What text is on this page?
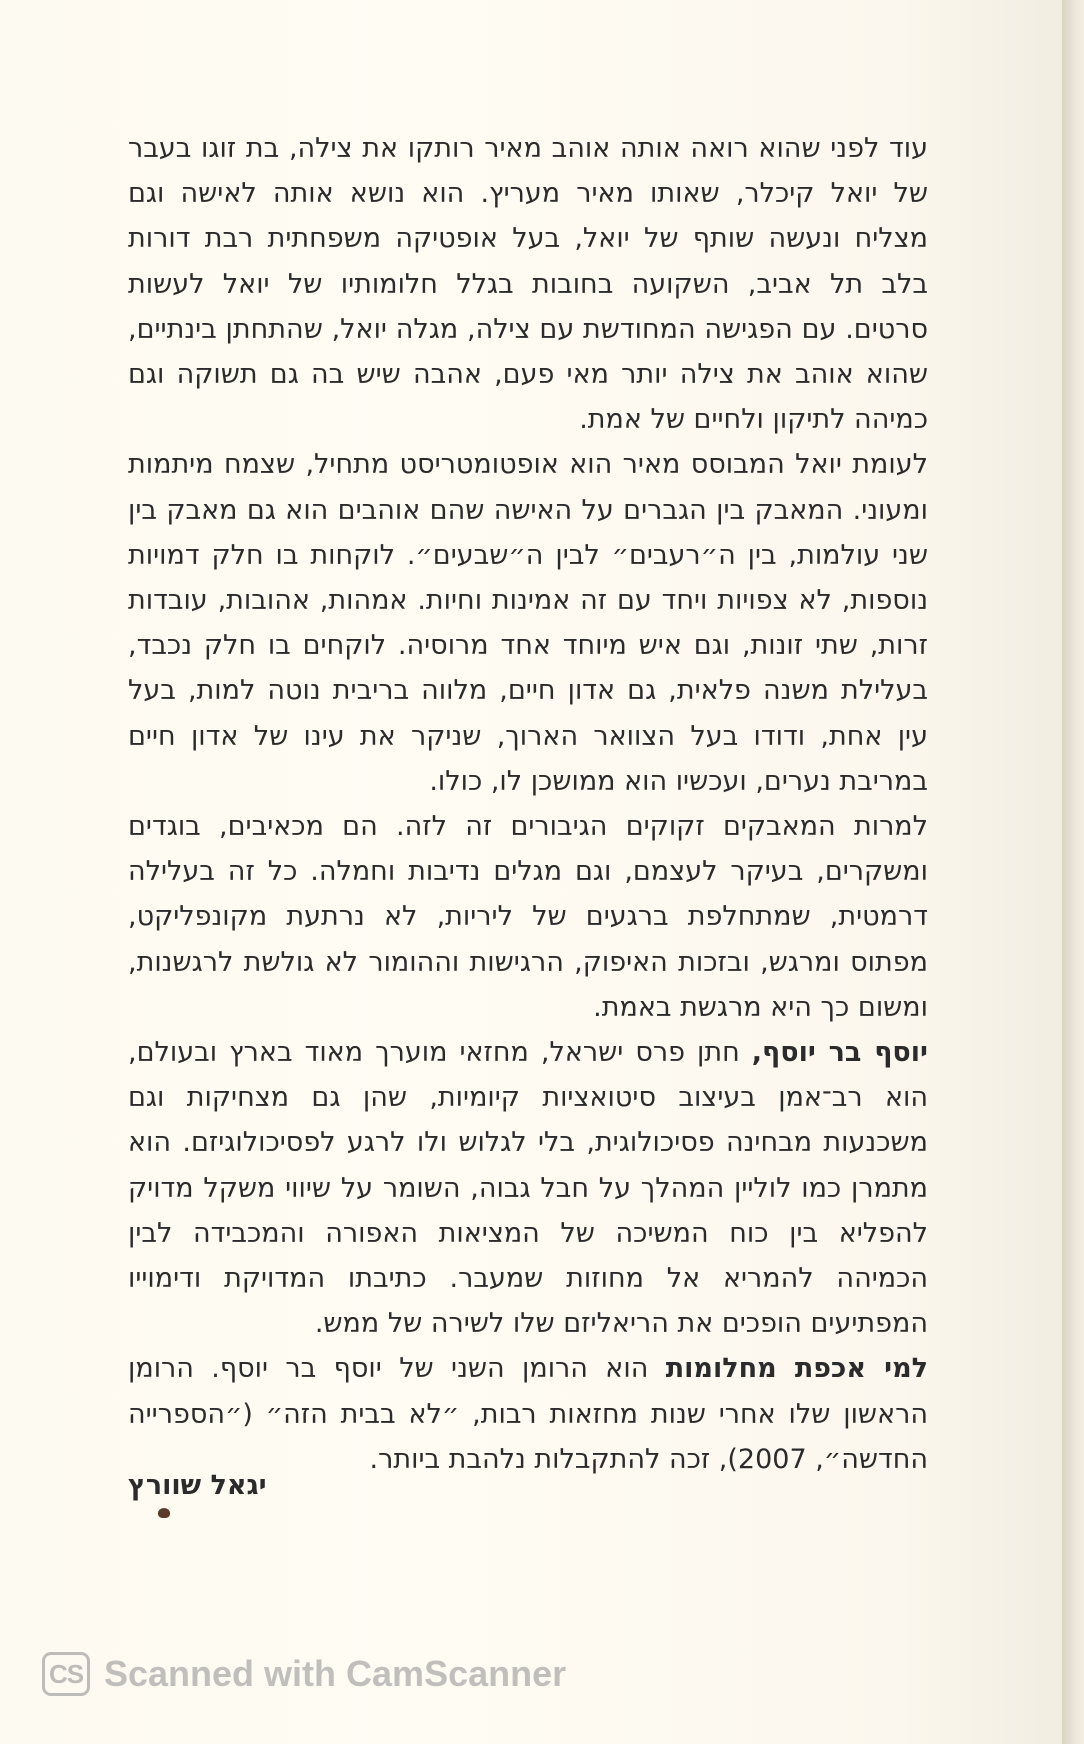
עוד לפני שהוא רואה אותה אוהב מאיר רותקו את צילה, בת זוגו בעבר של יואל קיכלר, שאותו מאיר מעריץ. הוא נושא אותה לאישה וגם מצליח ונעשה שותף של יואל, בעל אופטיקה משפחתית רבת דורות בלב תל אביב, השקועה בחובות בגלל חלומותיו של יואל לעשות סרטים. עם הפגישה המחודשת עם צילה, מגלה יואל, שהתחתן בינתיים, שהוא אוהב את צילה יותר מאי פעם, אהבה שיש בה גם תשוקה וגם כמיהה לתיקון ולחיים של אמת.

לעומת יואל המבוסס מאיר הוא אופטומטריסט מתחיל, שצמח מיתמות ומעוני. המאבק בין הגברים על האישה שהם אוהבים הוא גם מאבק בין שני עולמות, בין ה״רעבים״ לבין ה״שבעים״. לוקחות בו חלק דמויות נוספות, לא צפויות ויחד עם זה אמינות וחיות. אמהות, אהובות, עובדות זרות, שתי זונות, וגם איש מיוחד אחד מרוסיה. לוקחים בו חלק נכבד, בעלילת משנה פלאית, גם אדון חיים, מלווה בריבית נוטה למות, בעל עין אחת, ודודו בעל הצוואר הארוך, שניקר את עינו של אדון חיים במריבת נערים, ועכשיו הוא ממושכן לו, כולו.

למרות המאבקים זקוקים הגיבורים זה לזה. הם מכאיבים, בוגדים ומשקרים, בעיקר לעצמם, וגם מגלים נדיבות וחמלה. כל זה בעלילה דרמטית, שמתחלפת ברגעים של ליריות, לא נרתעת מקונפליקט, מפתוס ומרגש, ובזכות האיפוק, הרגישות וההומור לא גולשת לרגשנות, ומשום כך היא מרגשת באמת.

יוסף בר יוסף, חתן פרס ישראל, מחזאי מוערך מאוד בארץ ובעולם, הוא רב־אמן בעיצוב סיטואציות קיומיות, שהן גם מצחיקות וגם משכנעות מבחינה פסיכולוגית, בלי לגלוש ולו לרגע לפסיכולוגיזם. הוא מתמרן כמו לוליין המהלך על חבל גבוה, השומר על שיווי משקל מדויק להפליא בין כוח המשיכה של המציאות האפורה והמכבידה לבין הכמיהה להמריא אל מחוזות שמעבר. כתיבתו המדויקת ודימוייו המפתיעים הופכים את הריאליזם שלו לשירה של ממש.

למי אכפת מחלומות הוא הרומן השני של יוסף בר יוסף. הרומן הראשון שלו אחרי שנות מחזאות רבות, ״לא בבית הזה״ (״הספרייה החדשה״, 2007), זכה להתקבלות נלהבת ביותר.

יגאל שוורץ
CS Scanned with CamScanner
